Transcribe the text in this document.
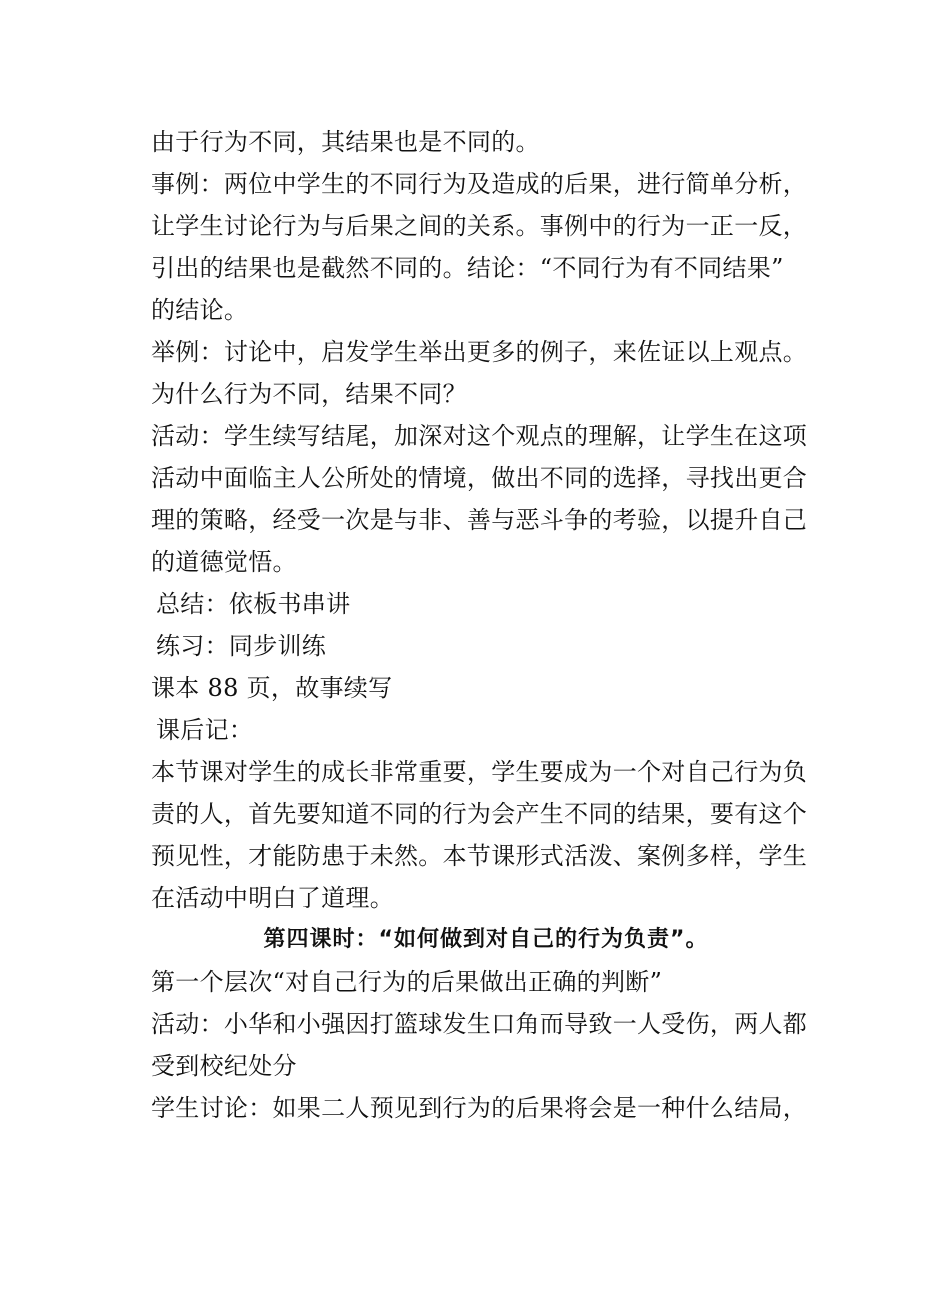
由于行为不同，其结果也是不同的。
事例：两位中学生的不同行为及造成的后果，进行简单分析，
让学生讨论行为与后果之间的关系。事例中的行为一正一反，
引出的结果也是截然不同的。结论：“不同行为有不同结果”
的结论。
举例：讨论中，启发学生举出更多的例子，来佐证以上观点。
为什么行为不同，结果不同？
活动：学生续写结尾，加深对这个观点的理解，让学生在这项
活动中面临主人公所处的情境，做出不同的选择，寻找出更合
理的策略，经受一次是与非、善与恶斗争的考验，以提升自己
的道德觉悟。
总结：依板书串讲
练习：同步训练
课本 88 页，故事续写
课后记：
本节课对学生的成长非常重要，学生要成为一个对自己行为负
责的人，首先要知道不同的行为会产生不同的结果，要有这个
预见性，才能防患于未然。本节课形式活泼、案例多样，学生
在活动中明白了道理。
第四课时：“如何做到对自己的行为负责”。
第一个层次“对自己行为的后果做出正确的判断”
活动：小华和小强因打篮球发生口角而导致一人受伤，两人都
受到校纪处分
学生讨论：如果二人预见到行为的后果将会是一种什么结局，
